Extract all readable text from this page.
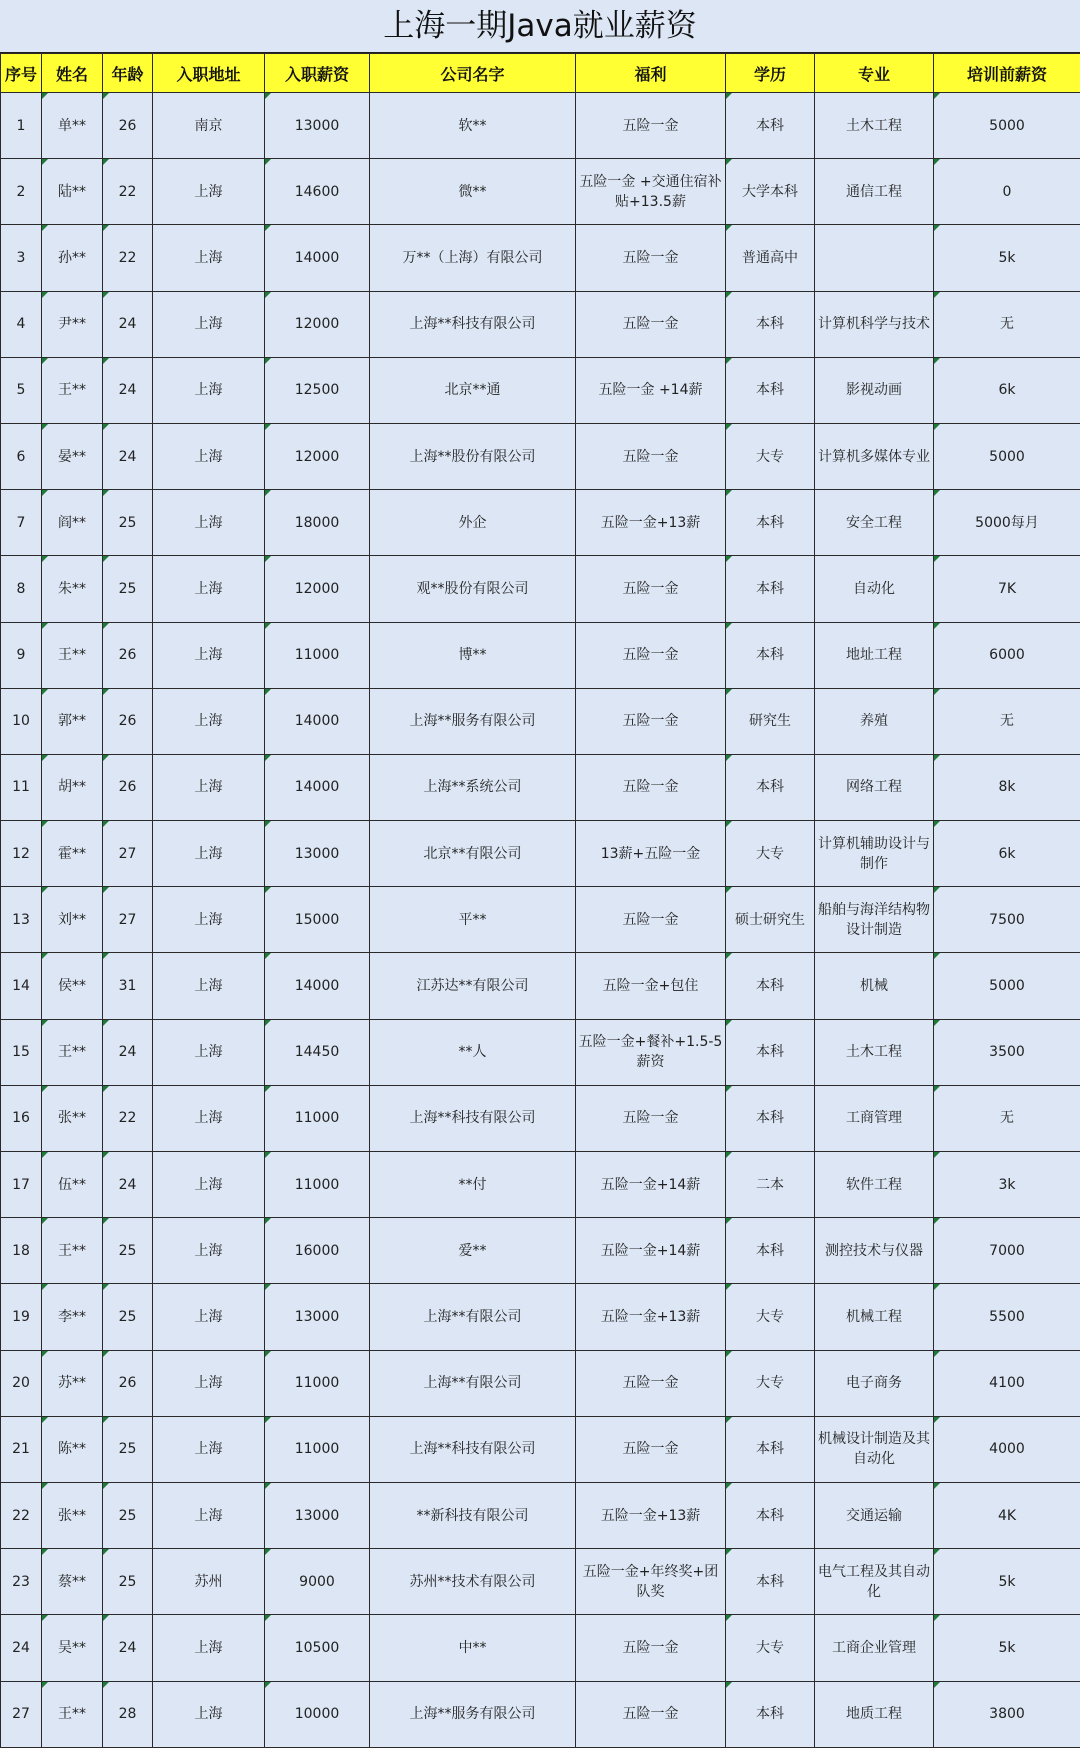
上海一期Java就业薪资
序号	姓名	年龄	入职地址	入职薪资	公司名字	福利	学历	专业	培训前薪资
1	单**	26	南京	13000	软**	五险一金	本科	土木工程	5000
2	陆**	22	上海	14600	微**	五险一金 +交通住宿补贴+13.5薪	大学本科	通信工程	0
3	孙**	22	上海	14000	万**（上海）有限公司	五险一金	普通高中		5k
4	尹**	24	上海	12000	上海**科技有限公司	五险一金	本科	计算机科学与技术	无
5	王**	24	上海	12500	北京**通	五险一金 +14薪	本科	影视动画	6k
6	晏**	24	上海	12000	上海**股份有限公司	五险一金	大专	计算机多媒体专业	5000
7	阎**	25	上海	18000	外企	五险一金+13薪	本科	安全工程	5000每月
8	朱**	25	上海	12000	观**股份有限公司	五险一金	本科	自动化	7K
9	王**	26	上海	11000	博**	五险一金	本科	地址工程	6000
10	郭**	26	上海	14000	上海**服务有限公司	五险一金	研究生	养殖	无
11	胡**	26	上海	14000	上海**系统公司	五险一金	本科	网络工程	8k
12	霍**	27	上海	13000	北京**有限公司	13薪+五险一金	大专	计算机辅助设计与制作	6k
13	刘**	27	上海	15000	平**	五险一金	硕士研究生	船舶与海洋结构物设计制造	7500
14	侯**	31	上海	14000	江苏达**有限公司	五险一金+包住	本科	机械	5000
15	王**	24	上海	14450	**人	五险一金+餐补+1.5-5薪资	本科	土木工程	3500
16	张**	22	上海	11000	上海**科技有限公司	五险一金	本科	工商管理	无
17	伍**	24	上海	11000	**付	五险一金+14薪	二本	软件工程	3k
18	王**	25	上海	16000	爱**	五险一金+14薪	本科	测控技术与仪器	7000
19	李**	25	上海	13000	上海**有限公司	五险一金+13薪	大专	机械工程	5500
20	苏**	26	上海	11000	上海**有限公司	五险一金	大专	电子商务	4100
21	陈**	25	上海	11000	上海**科技有限公司	五险一金	本科	机械设计制造及其自动化	4000
22	张**	25	上海	13000	**新科技有限公司	五险一金+13薪	本科	交通运输	4K
23	蔡**	25	苏州	9000	苏州**技术有限公司	五险一金+年终奖+团队奖	本科	电气工程及其自动化	5k
24	吴**	24	上海	10500	中**	五险一金	大专	工商企业管理	5k
27	王**	28	上海	10000	上海**服务有限公司	五险一金	本科	地质工程	3800
